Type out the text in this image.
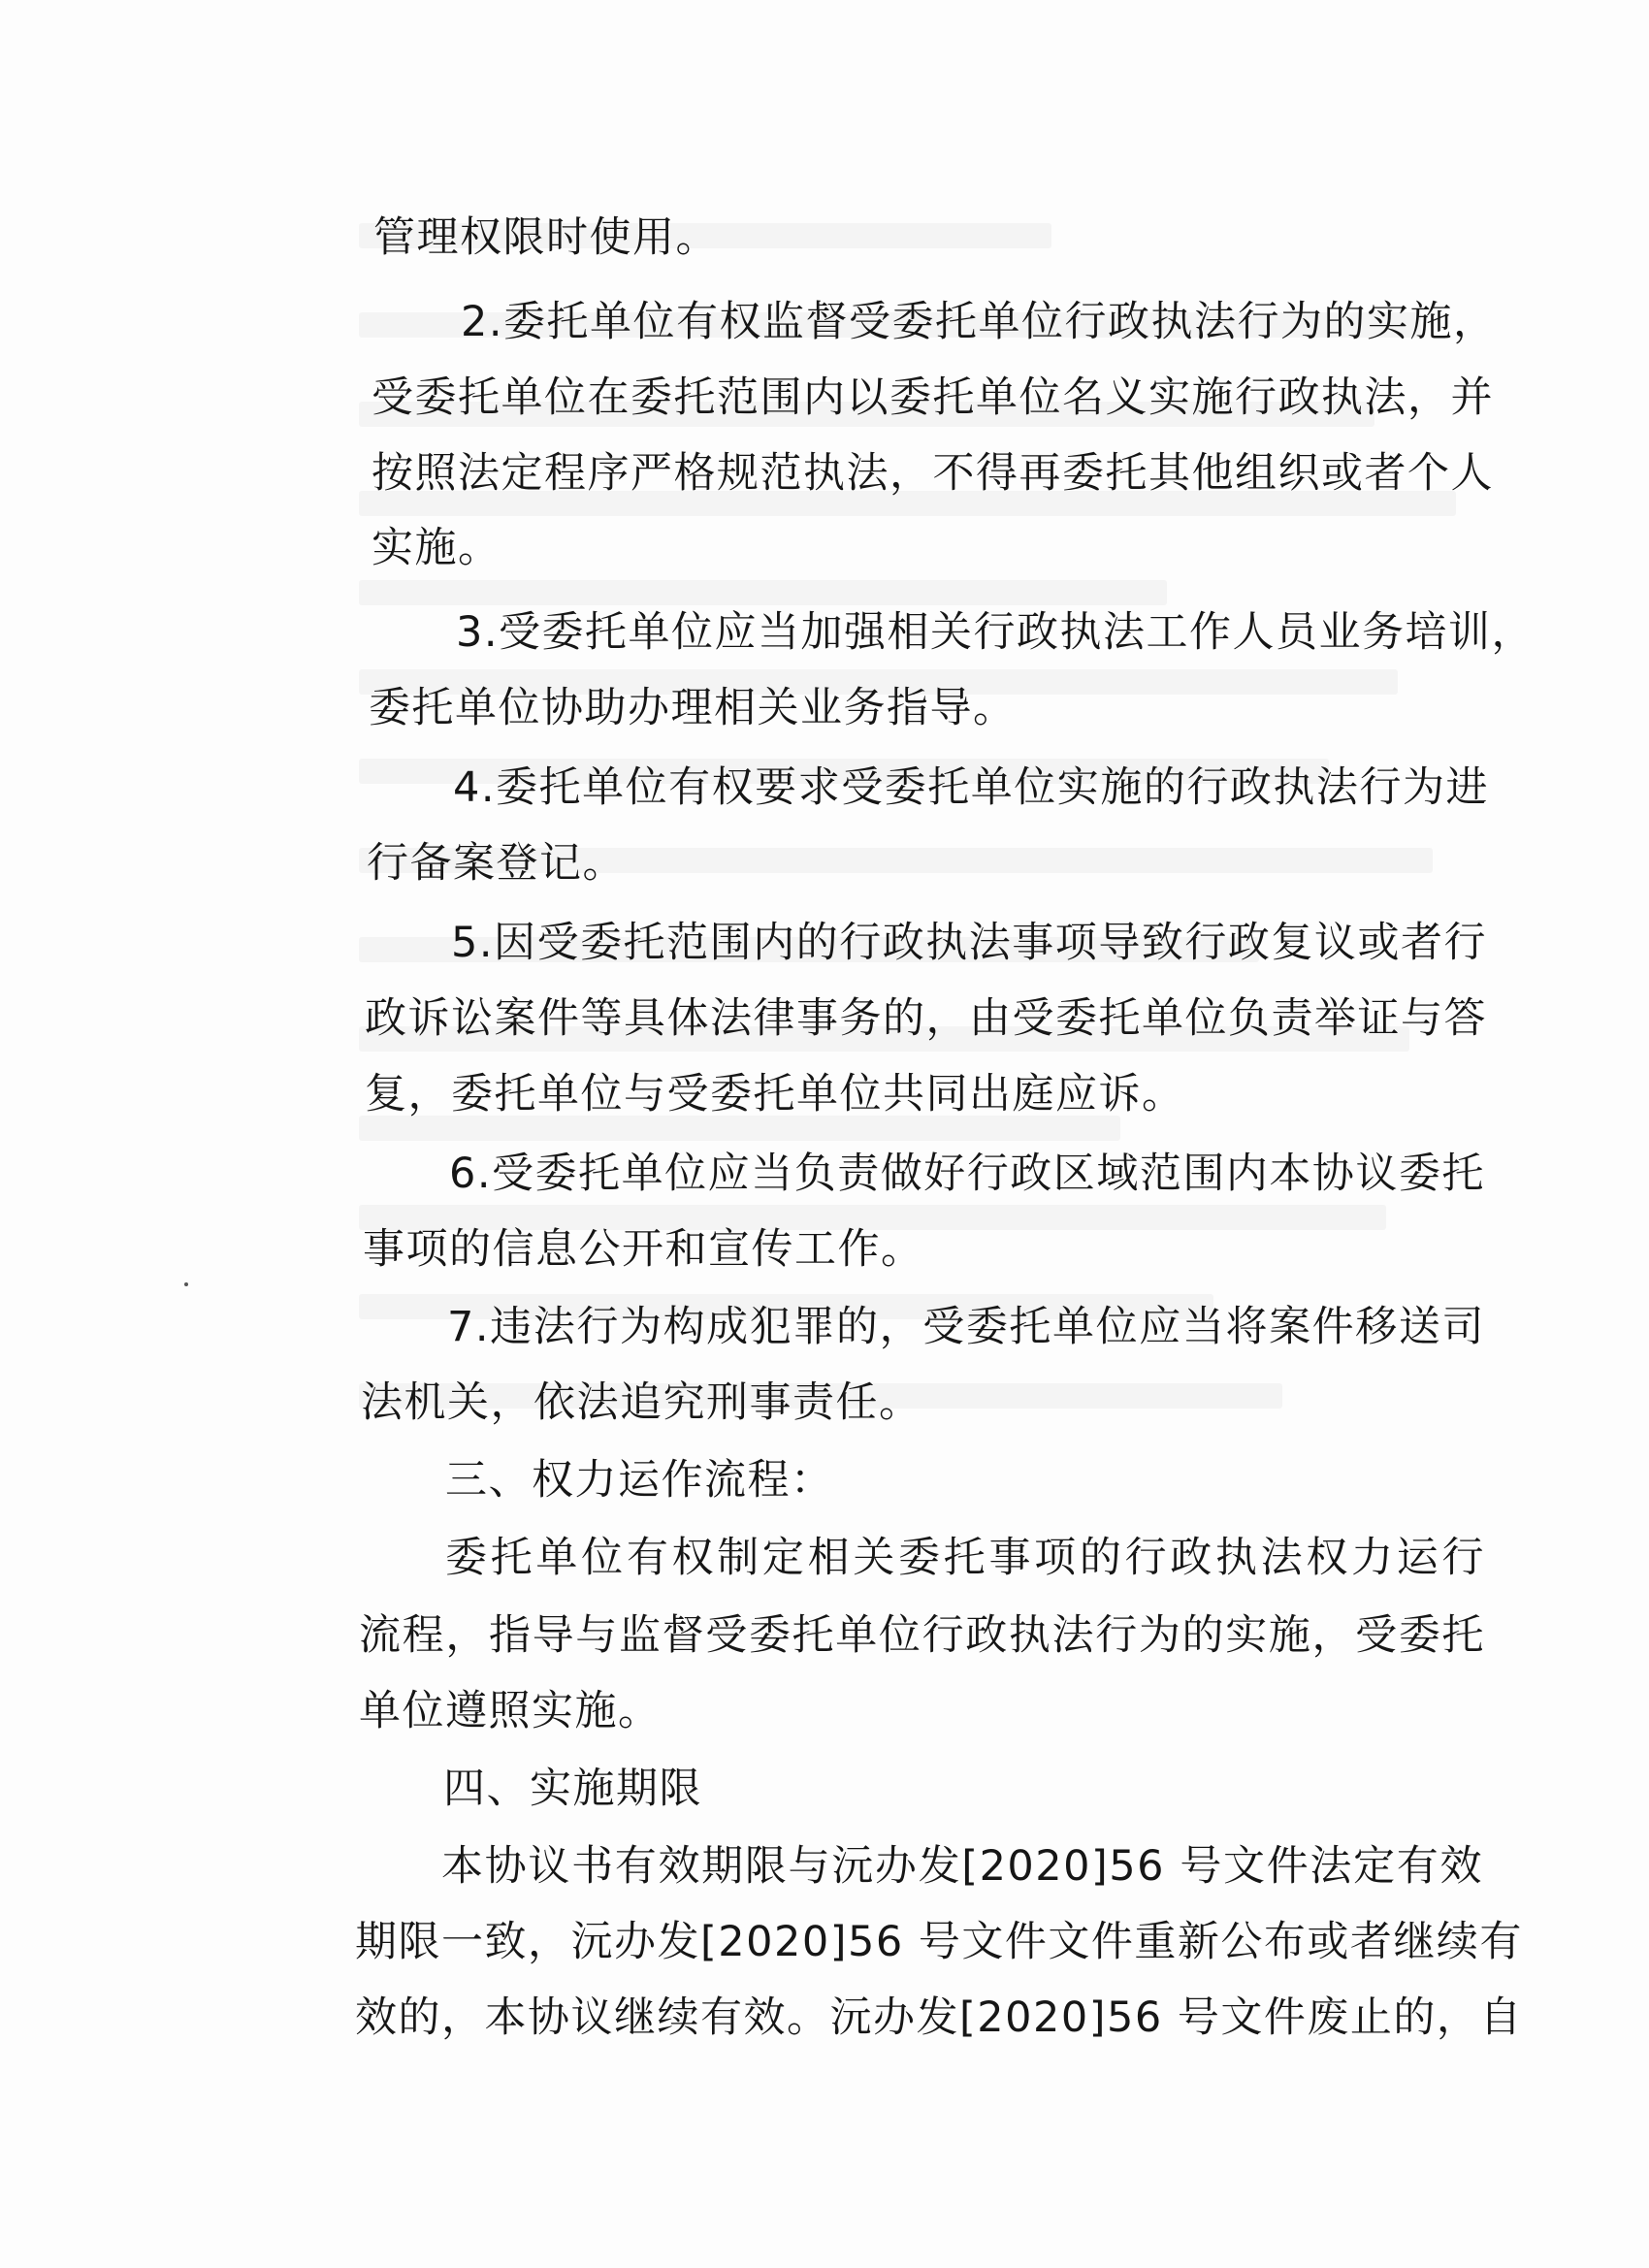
管理权限时使用。
2.委托单位有权监督受委托单位行政执法行为的实施，
受委托单位在委托范围内以委托单位名义实施行政执法，并
按照法定程序严格规范执法，不得再委托其他组织或者个人
实施。
3.受委托单位应当加强相关行政执法工作人员业务培训，
委托单位协助办理相关业务指导。
4.委托单位有权要求受委托单位实施的行政执法行为进
行备案登记。
5.因受委托范围内的行政执法事项导致行政复议或者行
政诉讼案件等具体法律事务的，由受委托单位负责举证与答
复，委托单位与受委托单位共同出庭应诉。
6.受委托单位应当负责做好行政区域范围内本协议委托
事项的信息公开和宣传工作。
7.违法行为构成犯罪的，受委托单位应当将案件移送司
法机关，依法追究刑事责任。
三、权力运作流程：
委托单位有权制定相关委托事项的行政执法权力运行
流程，指导与监督受委托单位行政执法行为的实施，受委托
单位遵照实施。
四、实施期限
本协议书有效期限与沅办发[2020]56 号文件法定有效
期限一致，沅办发[2020]56 号文件文件重新公布或者继续有
效的，本协议继续有效。沅办发[2020]56 号文件废止的，自
